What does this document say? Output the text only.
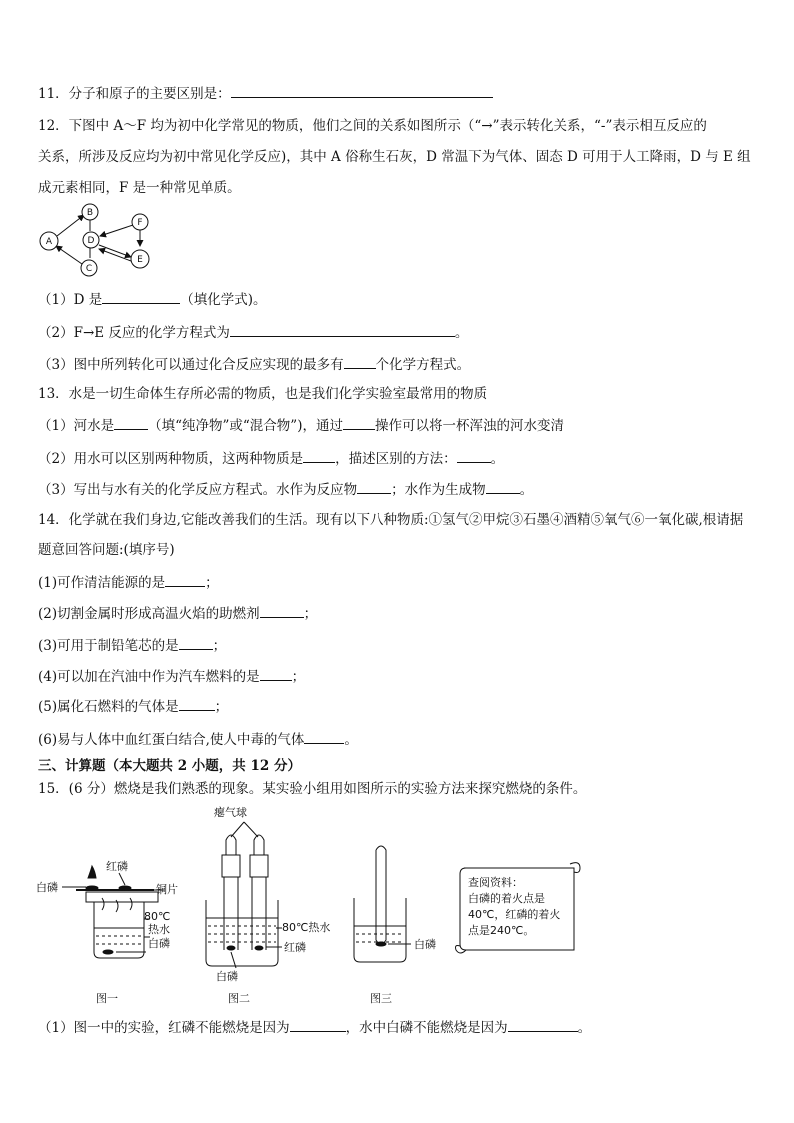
11．分子和原子的主要区别是：
12．下图中 A～F 均为初中化学常见的物质，他们之间的关系如图所示（“→”表示转化关系，“-”表示相互反应的
关系，所涉及反应均为初中常见化学反应)，其中 A 俗称生石灰，D 常温下为气体、固态 D 可用于人工降雨，D 与 E 组
成元素相同，F 是一种常见单质。
A
B
C
D
E
F
（1）D 是	（填化学式)。
（2）F→E 反应的化学方程式为	。
（3）图中所列转化可以通过化合反应实现的最多有 个化学方程式。
13．水是一切生命体生存所必需的物质，也是我们化学实验室最常用的物质
（1）河水是	（填“纯净物”或“混合物”)，通过 操作可以将一杯浑浊的河水变清
（2）用水可以区别两种物质，这两种物质是 ，描述区别的方法：	。
（3）写出与水有关的化学反应方程式。水作为反应物	；水作为生成物	。
14．化学就在我们身边,它能改善我们的生活。现有以下八种物质:①氢气②甲烷③石墨④酒精⑤氧气⑥一氧化碳,根请据
题意回答问题:(填序号)
(1)可作清洁能源的是	；
(2)切割金属时形成高温火焰的助燃剂	；
(3)可用于制铅笔芯的是	；
(4)可以加在汽油中作为汽车燃料的是 ；
(5)属化石燃料的气体是	；
(6)易与人体中血红蛋白结合,使人中毒的气体	。
三、计算题（本大题共 2 小题，共 12 分）
15．(6 分）燃烧是我们熟悉的现象。某实验小组用如图所示的实验方法来探究燃烧的条件。
瘪气球
红磷
白磷	铜片
80℃
热水
白磷
80℃热水
红磷
白磷
白磷
图一	图二	图三
查阅资料：
白磷的着火点是
40℃，红磷的着火
点是240℃。
（1）图一中的实验，红磷不能燃烧是因为	，水中白磷不能燃烧是因为	。
